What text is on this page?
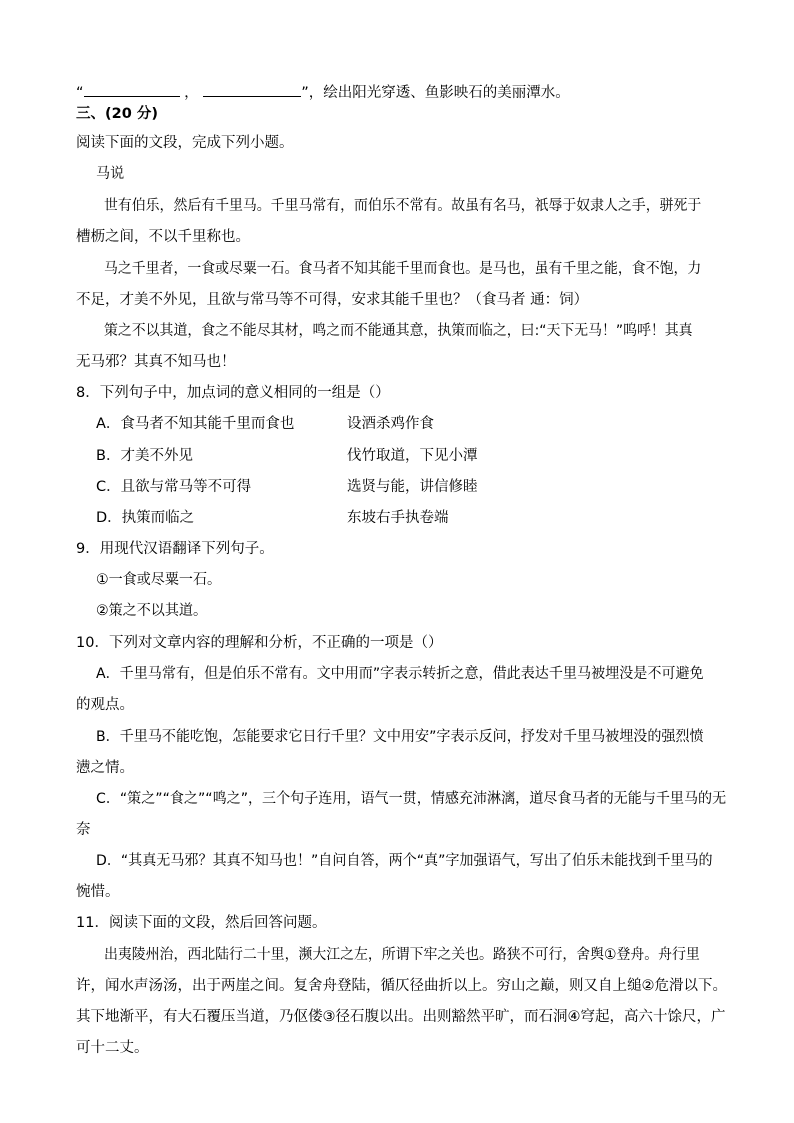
“	，	”，绘出阳光穿透、鱼影映石的美丽潭水。
三、(20 分)
阅读下面的文段，完成下列小题。
马说
世有伯乐，然后有千里马。千里马常有，而伯乐不常有。故虽有名马，祇辱于奴隶人之手，骈死于
槽枥之间，不以千里称也。
马之千里者，一食或尽粟一石。食马者不知其能千里而食也。是马也，虽有千里之能，食不饱，力
不足，才美不外见，且欲与常马等不可得，安求其能千里也？（食马者 通：饲）
策之不以其道，食之不能尽其材，鸣之而不能通其意，执策而临之，曰:“天下无马！”呜呼！其真
无马邪？其真不知马也！
8．下列句子中，加点词的意义相同的一组是（）
A．食马者不知其能千里而食也	设酒杀鸡作食
B．才美不外见	伐竹取道，下见小潭
C．且欲与常马等不可得	选贤与能，讲信修睦
D．执策而临之	东坡右手执卷端
9．用现代汉语翻译下列句子。
①一食或尽粟一石。
②策之不以其道。
10．下列对文章内容的理解和分析，不正确的一项是（）
A．千里马常有，但是伯乐不常有。文中用而”字表示转折之意，借此表达千里马被埋没是不可避免
的观点。
B．千里马不能吃饱，怎能要求它日行千里？文中用安”字表示反问，抒发对千里马被埋没的强烈愤
懑之情。
C．“策之”“食之”“鸣之”，三个句子连用，语气一贯，情感充沛淋漓，道尽食马者的无能与千里马的无
奈
D．“其真无马邪？其真不知马也！”自问自答，两个“真”字加强语气，写出了伯乐未能找到千里马的
惋惜。
11．阅读下面的文段，然后回答问题。
出夷陵州治，西北陆行二十里，濒大江之左，所谓下牢之关也。路狭不可行，舍舆①登舟。舟行里
许，闻水声汤汤，出于两崖之间。复舍舟登陆，循仄径曲折以上。穷山之巅，则又自上缒②危滑以下。
其下地渐平，有大石覆压当道，乃伛偻③径石腹以出。出则豁然平旷，而石洞④穹起，高六十馀尺，广
可十二丈。
